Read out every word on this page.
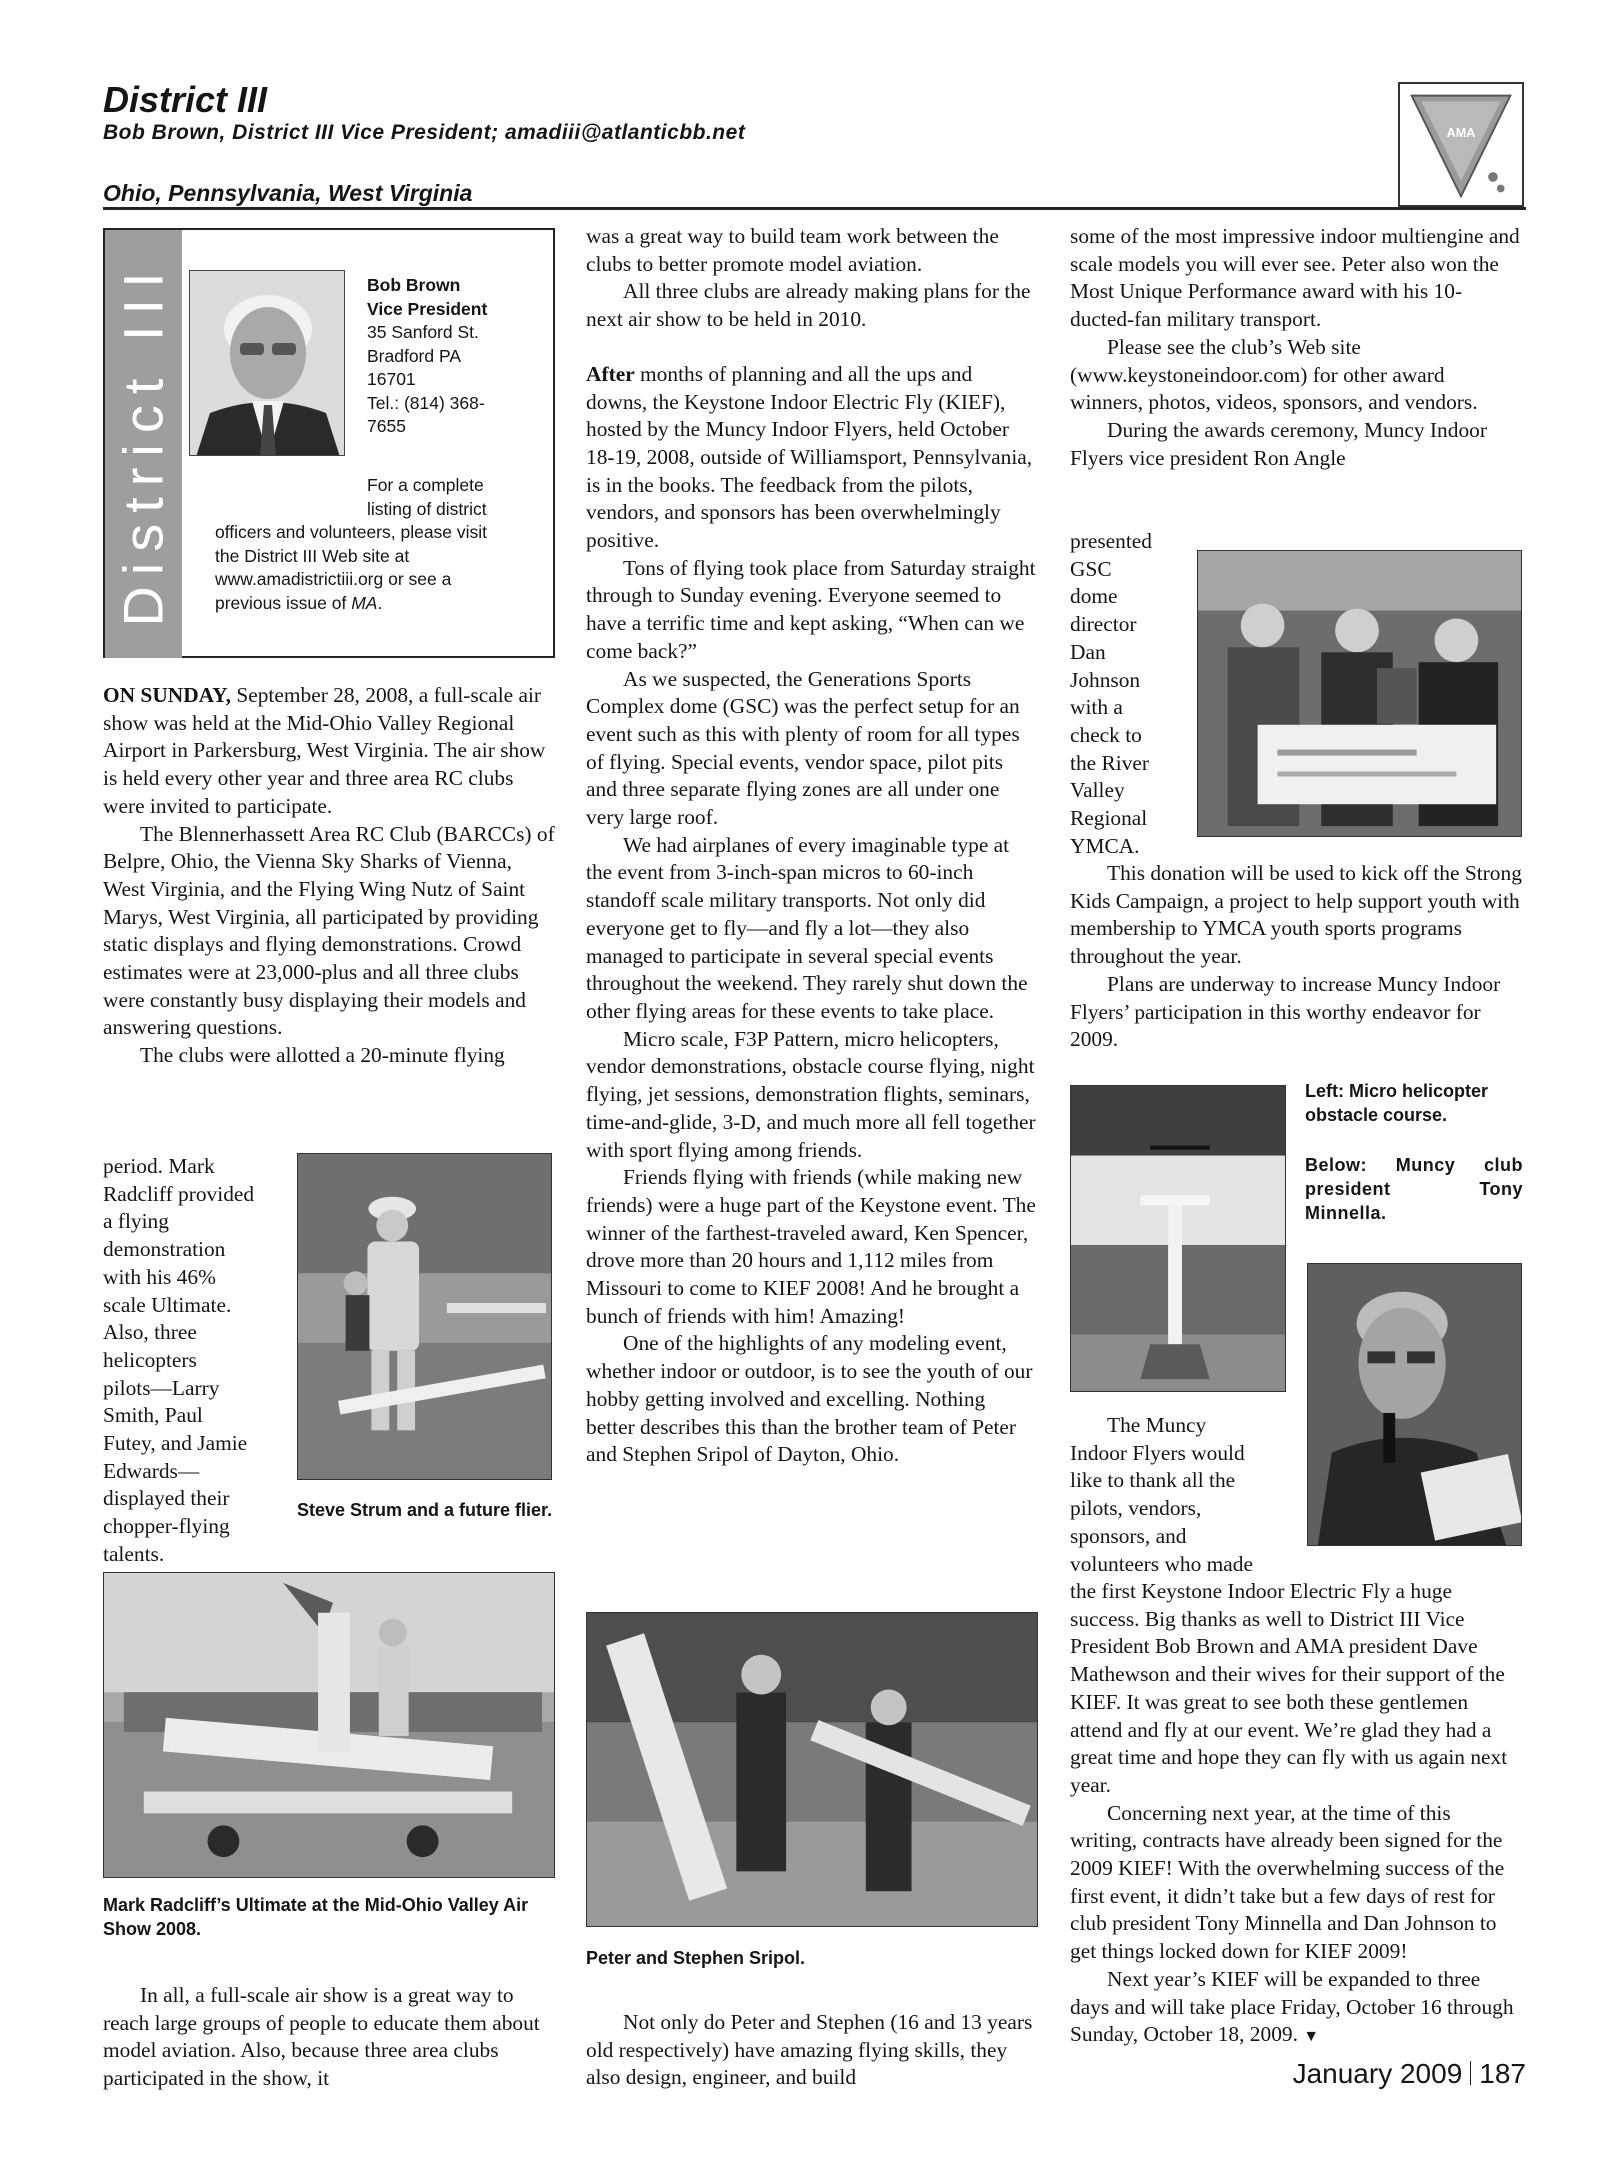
District III
Bob Brown, District III Vice President; amadiii@atlanticbb.net
Ohio, Pennsylvania, West Virginia
AMA
District III	Bob Brown
Vice President
35 Sanford St.
Bradford PA
16701
Tel.: (814) 368-
7655
For a complete
listing of district
officers and volunteers, please visit
the District III Web site at
www.amadistrictiii.org or see a
previous issue of MA.

ON SUNDAY, September 28, 2008, a full-scale air show was held at the Mid-Ohio Valley Regional Airport in Parkersburg, West Virginia. The air show is held every other year and three area RC clubs were invited to participate.

The Blennerhassett Area RC Club (BARCCs) of Belpre, Ohio, the Vienna Sky Sharks of Vienna, West Virginia, and the Flying Wing Nutz of Saint Marys, West Virginia, all participated by providing static displays and flying demonstrations. Crowd estimates were at 23,000-plus and all three clubs were constantly busy displaying their models and answering questions.

The clubs were allotted a 20-minute flying

period. Mark
Radcliff provided
a flying
demonstration
with his 46%
scale Ultimate.
Also, three
helicopters
pilots—Larry
Smith, Paul
Futey, and Jamie
Edwards—
displayed their
chopper-flying
talents.
Steve Strum and a future flier.
Mark Radcliff’s Ultimate at the Mid-Ohio Valley Air Show 2008.

In all, a full-scale air show is a great way to reach large groups of people to educate them about model aviation. Also, because three area clubs participated in the show, it

was a great way to build team work between the clubs to better promote model aviation.

All three clubs are already making plans for the next air show to be held in 2010.

After months of planning and all the ups and downs, the Keystone Indoor Electric Fly (KIEF), hosted by the Muncy Indoor Flyers, held October 18-19, 2008, outside of Williamsport, Pennsylvania, is in the books. The feedback from the pilots, vendors, and sponsors has been overwhelmingly positive.

Tons of flying took place from Saturday straight through to Sunday evening. Everyone seemed to have a terrific time and kept asking, “When can we come back?”

As we suspected, the Generations Sports Complex dome (GSC) was the perfect setup for an event such as this with plenty of room for all types of flying. Special events, vendor space, pilot pits and three separate flying zones are all under one very large roof.

We had airplanes of every imaginable type at the event from 3-inch-span micros to 60-inch standoff scale military transports. Not only did everyone get to fly—and fly a lot—they also managed to participate in several special events throughout the weekend. They rarely shut down the other flying areas for these events to take place.

Micro scale, F3P Pattern, micro helicopters, vendor demonstrations, obstacle course flying, night flying, jet sessions, demonstration flights, seminars, time-and-glide, 3-D, and much more all fell together with sport flying among friends.

Friends flying with friends (while making new friends) were a huge part of the Keystone event. The winner of the farthest-traveled award, Ken Spencer, drove more than 20 hours and 1,112 miles from Missouri to come to KIEF 2008! And he brought a bunch of friends with him! Amazing!

One of the highlights of any modeling event, whether indoor or outdoor, is to see the youth of our hobby getting involved and excelling. Nothing better describes this than the brother team of Peter and Stephen Sripol of Dayton, Ohio.

Peter and Stephen Sripol.

Not only do Peter and Stephen (16 and 13 years old respectively) have amazing flying skills, they also design, engineer, and build

some of the most impressive indoor multiengine and scale models you will ever see. Peter also won the Most Unique Performance award with his 10-ducted-fan military transport.

Please see the club’s Web site (www.keystoneindoor.com) for other award winners, photos, videos, sponsors, and vendors.

During the awards ceremony, Muncy Indoor Flyers vice president Ron Angle

presented
GSC
dome
director
Dan
Johnson
with a
check to
the River
Valley
Regional
YMCA.

This donation will be used to kick off the Strong Kids Campaign, a project to help support youth with membership to YMCA youth sports programs throughout the year.

Plans are underway to increase Muncy Indoor Flyers’ participation in this worthy endeavor for 2009.

Left: Micro helicopter obstacle course.
Below: Muncy club president Tony Minnella.
The Muncy
Indoor Flyers would
like to thank all the
pilots, vendors,
sponsors, and
volunteers who made

the first Keystone Indoor Electric Fly a huge success. Big thanks as well to District III Vice President Bob Brown and AMA president Dave Mathewson and their wives for their support of the KIEF. It was great to see both these gentlemen attend and fly at our event. We’re glad they had a great time and hope they can fly with us again next year.

Concerning next year, at the time of this writing, contracts have already been signed for the 2009 KIEF! With the overwhelming success of the first event, it didn’t take but a few days of rest for club president Tony Minnella and Dan Johnson to get things locked down for KIEF 2009!

Next year’s KIEF will be expanded to three days and will take place Friday, October 16 through Sunday, October 18, 2009. ▼

January 2009 187
